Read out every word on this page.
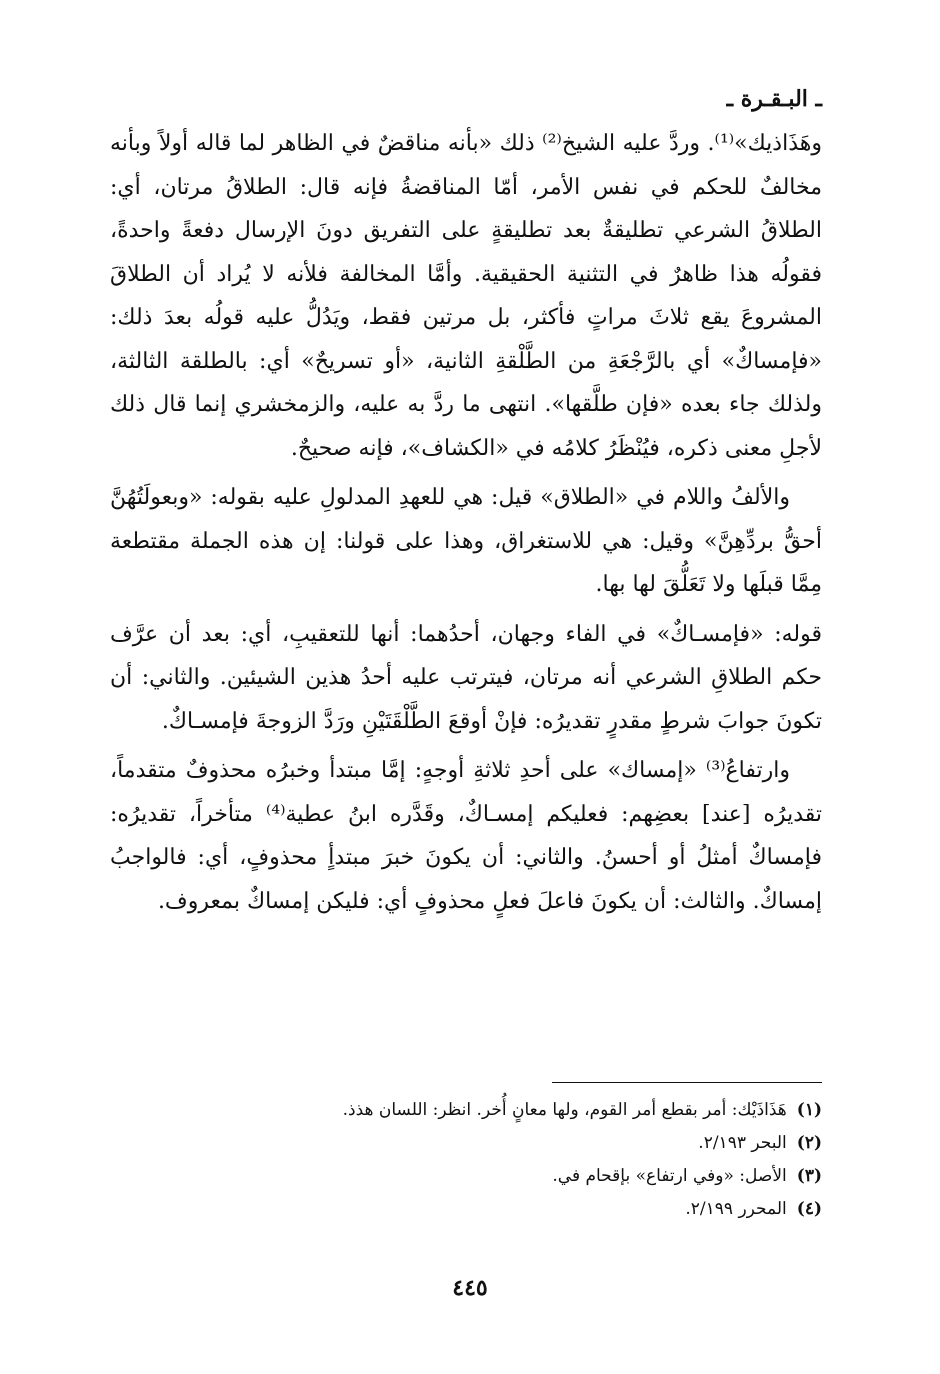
ـ البـقـرة ـ

وهَذَاذيك»⁽¹⁾. وردَّ عليه الشيخ⁽²⁾ ذلك «بأنه مناقضٌ في الظاهر لما قاله أولاً وبأنه مخالفٌ للحكم في نفس الأمر، أمّا المناقضةُ فإنه قال: الطلاقُ مرتان، أي: الطلاقُ الشرعي تطليقةٌ بعد تطليقةٍ على التفريق دونَ الإرسال دفعةً واحدةً، فقولُه هذا ظاهرٌ في التثنية الحقيقية. وأمَّا المخالفة فلأنه لا يُراد أن الطلاقَ المشروعَ يقع ثلاثَ مراتٍ فأكثر، بل مرتين فقط، ويَدُلُّ عليه قولُه بعدَ ذلك: «فإمساكٌ» أي بالرَّجْعَةِ من الطَّلْقةِ الثانية، «أو تسريحٌ» أي: بالطلقة الثالثة، ولذلك جاء بعده «فإن طلَّقها». انتهى ما ردَّ به عليه، والزمخشري إنما قال ذلك لأجلِ معنى ذكره، فيُنْظَرُ كلامُه في «الكشاف»، فإنه صحيحٌ.

والألفُ واللام في «الطلاق» قيل: هي للعهدِ المدلولِ عليه بقوله: «وبعولَتُهُنَّ أحقُّ بردِّهِنَّ» وقيل: هي للاستغراق، وهذا على قولنا: إن هذه الجملة مقتطعة مِمَّا قبلَها ولا تَعَلُّقَ لها بها.

قوله: «فإمسـاكٌ» في الفاء وجهان، أحدُهما: أنها للتعقيبِ، أي: بعد أن عرَّف حكم الطلاقِ الشرعي أنه مرتان، فيترتب عليه أحدُ هذين الشيئين. والثاني: أن تكونَ جوابَ شرطٍ مقدرٍ تقديرُه: فإنْ أوقعَ الطَّلْقَتَيْنِ ورَدَّ الزوجةَ فإمسـاكٌ.

وارتفاعُ⁽³⁾ «إمساك» على أحدِ ثلاثةِ أوجهٍ: إمَّا مبتدأ وخبرُه محذوفٌ متقدماً، تقديرُه [عند] بعضِهم: فعليكم إمسـاكٌ، وقَدَّره ابنُ عطية⁽⁴⁾ متأخراً، تقديرُه: فإمساكٌ أمثلُ أو أحسنُ. والثاني: أن يكونَ خبرَ مبتدأٍ محذوفٍ، أي: فالواجبُ إمساكٌ. والثالث: أن يكونَ فاعلَ فعلٍ محذوفٍ أي: فليكن إمساكٌ بمعروف.

(١)هَذَاذَيْك: أمر بقطع أمر القوم، ولها معانٍ أُخر. انظر: اللسان هذذ.
(٢)البحر ٢/١٩٣.
(٣)الأصل: «وفي ارتفاع» بإقحام في.
(٤)المحرر ٢/١٩٩.
٤٤٥
